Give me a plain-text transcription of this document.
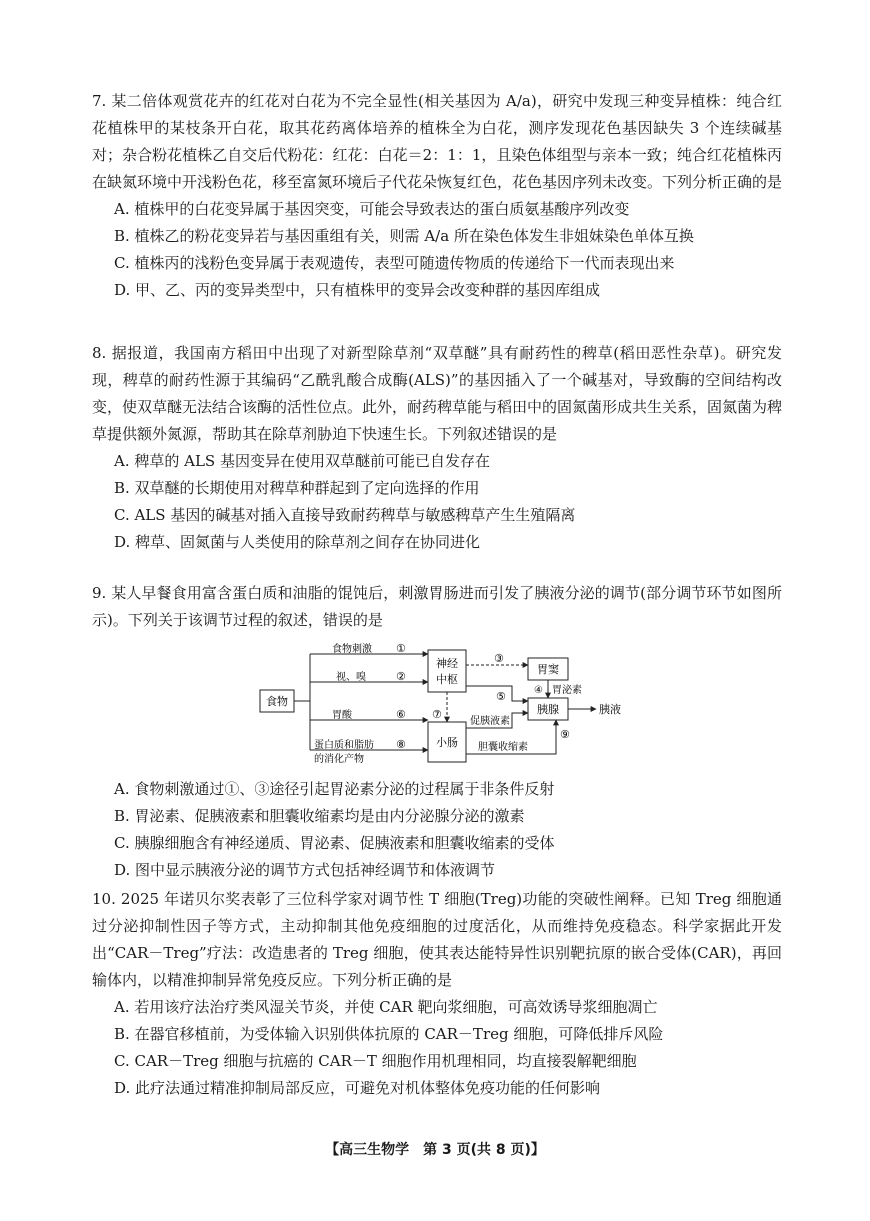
7. 某二倍体观赏花卉的红花对白花为不完全显性(相关基因为 A/a)，研究中发现三种变异植株：纯合红花植株甲的某枝条开白花，取其花药离体培养的植株全为白花，测序发现花色基因缺失 3 个连续碱基对；杂合粉花植株乙自交后代粉花：红花：白花＝2：1：1，且染色体组型与亲本一致；纯合红花植株丙在缺氮环境中开浅粉色花，移至富氮环境后子代花朵恢复红色，花色基因序列未改变。下列分析正确的是
A. 植株甲的白花变异属于基因突变，可能会导致表达的蛋白质氨基酸序列改变
B. 植株乙的粉花变异若与基因重组有关，则需 A/a 所在染色体发生非姐妹染色单体互换
C. 植株丙的浅粉色变异属于表观遗传，表型可随遗传物质的传递给下一代而表现出来
D. 甲、乙、丙的变异类型中，只有植株甲的变异会改变种群的基因库组成
8. 据报道，我国南方稻田中出现了对新型除草剂“双草醚”具有耐药性的稗草(稻田恶性杂草)。研究发现，稗草的耐药性源于其编码“乙酰乳酸合成酶(ALS)”的基因插入了一个碱基对，导致酶的空间结构改变，使双草醚无法结合该酶的活性位点。此外，耐药稗草能与稻田中的固氮菌形成共生关系，固氮菌为稗草提供额外氮源，帮助其在除草剂胁迫下快速生长。下列叙述错误的是
A. 稗草的 ALS 基因变异在使用双草醚前可能已自发存在
B. 双草醚的长期使用对稗草种群起到了定向选择的作用
C. ALS 基因的碱基对插入直接导致耐药稗草与敏感稗草产生生殖隔离
D. 稗草、固氮菌与人类使用的除草剂之间存在协同进化
9. 某人早餐食用富含蛋白质和油脂的馄饨后，刺激胃肠进而引发了胰液分泌的调节(部分调节环节如图所示)。下列关于该调节过程的叙述，错误的是
食物
神经
中枢
胃窦
胰腺
小肠
食物刺激 ①
视、嗅	②
胃酸	⑥
蛋白质和脂肪
的消化产物
⑧
③
④ 胃泌素
⑤
⑦
促胰液素
胆囊收缩素
⑨
胰液
A. 食物刺激通过①、③途径引起胃泌素分泌的过程属于非条件反射
B. 胃泌素、促胰液素和胆囊收缩素均是由内分泌腺分泌的激素
C. 胰腺细胞含有神经递质、胃泌素、促胰液素和胆囊收缩素的受体
D. 图中显示胰液分泌的调节方式包括神经调节和体液调节
10. 2025 年诺贝尔奖表彰了三位科学家对调节性 T 细胞(Treg)功能的突破性阐释。已知 Treg 细胞通过分泌抑制性因子等方式，主动抑制其他免疫细胞的过度活化，从而维持免疫稳态。科学家据此开发出“CAR－Treg”疗法：改造患者的 Treg 细胞，使其表达能特异性识别靶抗原的嵌合受体(CAR)，再回输体内，以精准抑制异常免疫反应。下列分析正确的是
A. 若用该疗法治疗类风湿关节炎，并使 CAR 靶向浆细胞，可高效诱导浆细胞凋亡
B. 在器官移植前，为受体输入识别供体抗原的 CAR－Treg 细胞，可降低排斥风险
C. CAR－Treg 细胞与抗癌的 CAR－T 细胞作用机理相同，均直接裂解靶细胞
D. 此疗法通过精准抑制局部反应，可避免对机体整体免疫功能的任何影响
【高三生物学　第 3 页(共 8 页)】
